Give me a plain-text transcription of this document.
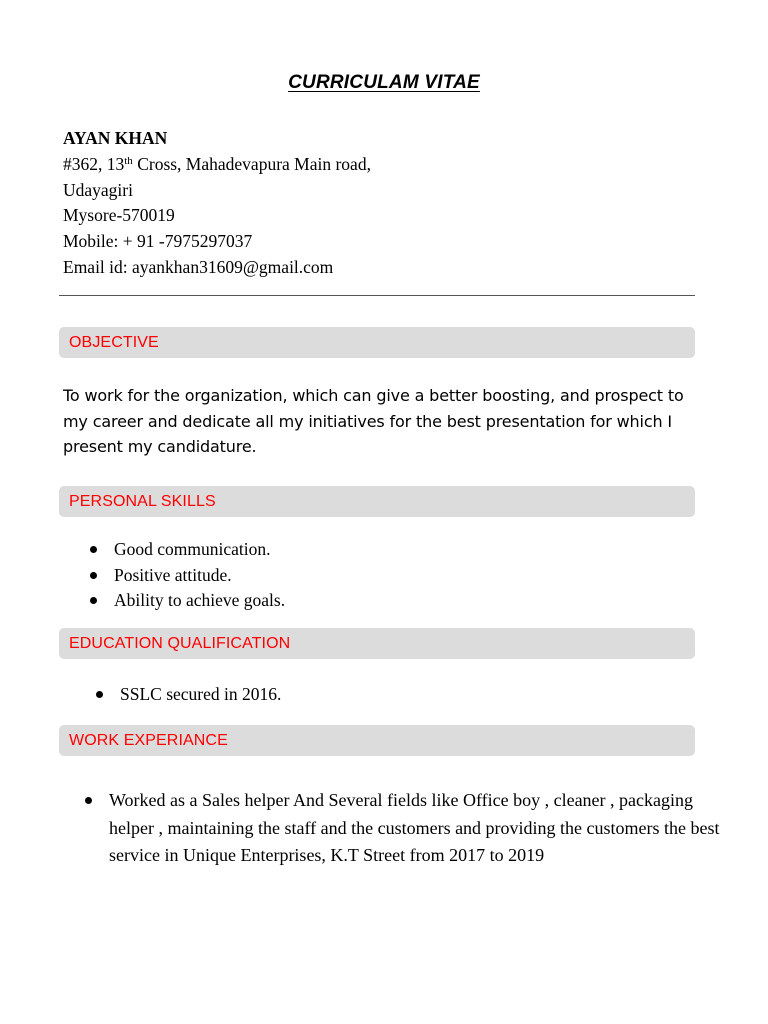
CURRICULAM VITAE
AYAN KHAN
#362, 13th Cross, Mahadevapura Main road,
Udayagiri
Mysore-570019
Mobile: + 91 -7975297037
Email id: ayankhan31609@gmail.com
OBJECTIVE
To work for the organization, which can give a better boosting, and prospect to my career and dedicate all my initiatives for the best presentation for which I present my candidature.
PERSONAL SKILLS
Good communication.
Positive attitude.
Ability to achieve goals.
EDUCATION QUALIFICATION
SSLC secured in 2016.
WORK EXPERIANCE
Worked as a Sales helper And Several fields like Office boy , cleaner , packaging helper , maintaining the staff and the customers and providing the customers the best service in Unique Enterprises, K.T Street from 2017 to 2019
